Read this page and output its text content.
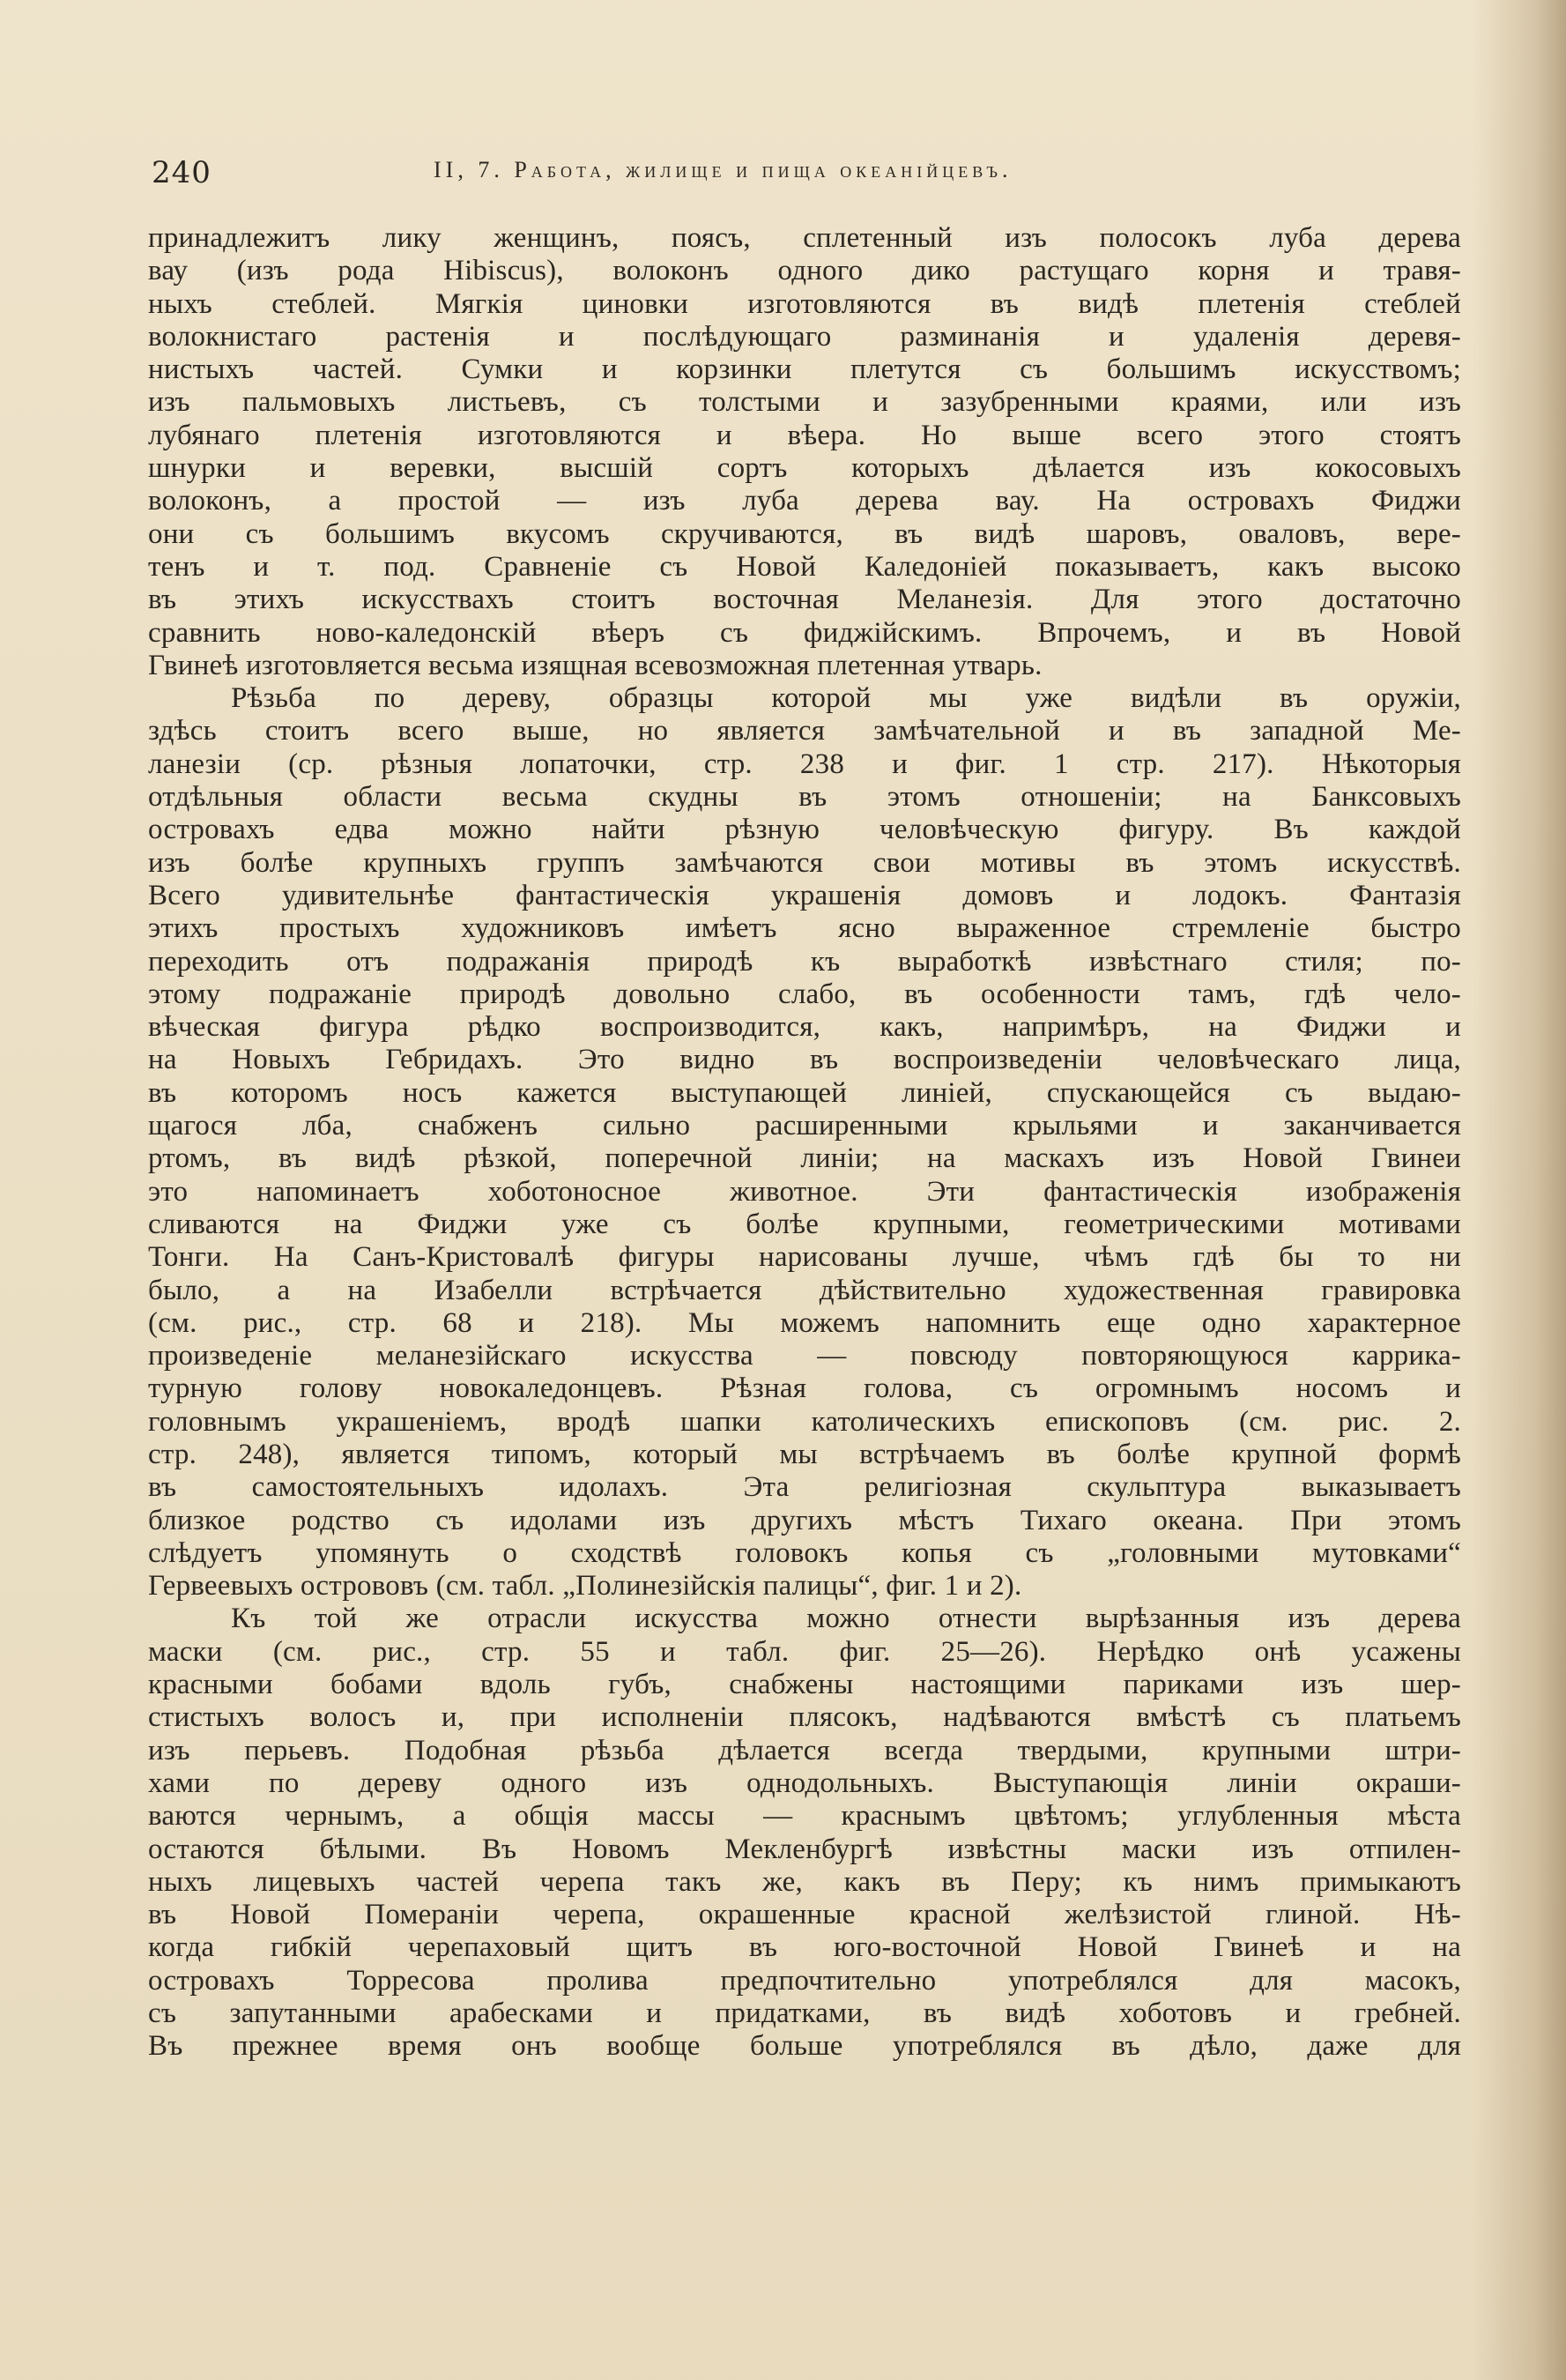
240	II, 7. Работа, жилище и пища океанійцевъ.
принадлежитъ лику женщинъ, поясъ, сплетенный изъ полосокъ луба дерева
вау (изъ рода Hibiscus), волоконъ одного дико растущаго корня и травя-
ныхъ стеблей. Мягкія циновки изготовляются въ видѣ плетенія стеблей
волокнистаго растенія и послѣдующаго разминанія и удаленія деревя-
нистыхъ частей. Сумки и корзинки плетутся съ большимъ искусствомъ;
изъ пальмовыхъ листьевъ, съ толстыми и зазубренными краями, или изъ
лубянаго плетенія изготовляются и вѣера. Но выше всего этого стоятъ
шнурки и веревки, высшій сортъ которыхъ дѣлается изъ кокосовыхъ
волоконъ, а простой — изъ луба дерева вау. На островахъ Фиджи
они съ большимъ вкусомъ скручиваются, въ видѣ шаровъ, оваловъ, вере-
тенъ и т. под. Сравненіе съ Новой Каледоніей показываетъ, какъ высоко
въ этихъ искусствахъ стоитъ восточная Меланезія. Для этого достаточно
сравнить ново-каледонскій вѣеръ съ фиджійскимъ. Впрочемъ, и въ Новой
Гвинеѣ изготовляется весьма изящная всевозможная плетенная утварь.
Рѣзьба по дереву, образцы которой мы уже видѣли въ оружіи,
здѣсь стоитъ всего выше, но является замѣчательной и въ западной Ме-
ланезіи (ср. рѣзныя лопаточки, стр. 238 и фиг. 1 стр. 217). Нѣкоторыя
отдѣльныя области весьма скудны въ этомъ отношеніи; на Банксовыхъ
островахъ едва можно найти рѣзную человѣческую фигуру. Въ каждой
изъ болѣе крупныхъ группъ замѣчаются свои мотивы въ этомъ искусствѣ.
Всего удивительнѣе фантастическія украшенія домовъ и лодокъ. Фантазія
этихъ простыхъ художниковъ имѣетъ ясно выраженное стремленіе быстро
переходить отъ подражанія природѣ къ выработкѣ извѣстнаго стиля; по-
этому подражаніе природѣ довольно слабо, въ особенности тамъ, гдѣ чело-
вѣческая фигура рѣдко воспроизводится, какъ, напримѣръ, на Фиджи и
на Новыхъ Гебридахъ. Это видно въ воспроизведеніи человѣческаго лица,
въ которомъ носъ кажется выступающей линіей, спускающейся съ выдаю-
щагося лба, снабженъ сильно расширенными крыльями и заканчивается
ртомъ, въ видѣ рѣзкой, поперечной линіи; на маскахъ изъ Новой Гвинеи
это напоминаетъ хоботоносное животное. Эти фантастическія изображенія
сливаются на Фиджи уже съ болѣе крупными, геометрическими мотивами
Тонги. На Санъ-Кристовалѣ фигуры нарисованы лучше, чѣмъ гдѣ бы то ни
было, а на Изабелли встрѣчается дѣйствительно художественная гравировка
(см. рис., стр. 68 и 218). Мы можемъ напомнить еще одно характерное
произведеніе меланезійскаго искусства — повсюду повторяющуюся каррика-
турную голову новокаледонцевъ. Рѣзная голова, съ огромнымъ носомъ и
головнымъ украшеніемъ, вродѣ шапки католическихъ епископовъ (см. рис. 2.
стр. 248), является типомъ, который мы встрѣчаемъ въ болѣе крупной формѣ
въ самостоятельныхъ идолахъ. Эта религіозная скульптура выказываетъ
близкое родство съ идолами изъ другихъ мѣстъ Тихаго океана. При этомъ
слѣдуетъ упомянуть о сходствѣ головокъ копья съ „головными мутовками“
Гервеевыхъ острововъ (см. табл. „Полинезійскія палицы“, фиг. 1 и 2).
Къ той же отрасли искусства можно отнести вырѣзанныя изъ дерева
маски (см. рис., стр. 55 и табл. фиг. 25—26). Нерѣдко онѣ усажены
красными бобами вдоль губъ, снабжены настоящими париками изъ шер-
стистыхъ волосъ и, при исполненіи плясокъ, надѣваются вмѣстѣ съ платьемъ
изъ перьевъ. Подобная рѣзьба дѣлается всегда твердыми, крупными штри-
хами по дереву одного изъ однодольныхъ. Выступающія линіи окраши-
ваются чернымъ, а общія массы — краснымъ цвѣтомъ; углубленныя мѣста
остаются бѣлыми. Въ Новомъ Мекленбургѣ извѣстны маски изъ отпилен-
ныхъ лицевыхъ частей черепа такъ же, какъ въ Перу; къ нимъ примыкаютъ
въ Новой Помераніи черепа, окрашенные красной желѣзистой глиной. Нѣ-
когда гибкій черепаховый щитъ въ юго-восточной Новой Гвинеѣ и на
островахъ Торресова пролива предпочтительно употреблялся для масокъ,
съ запутанными арабесками и придатками, въ видѣ хоботовъ и гребней.
Въ прежнее время онъ вообще больше употреблялся въ дѣло, даже для
